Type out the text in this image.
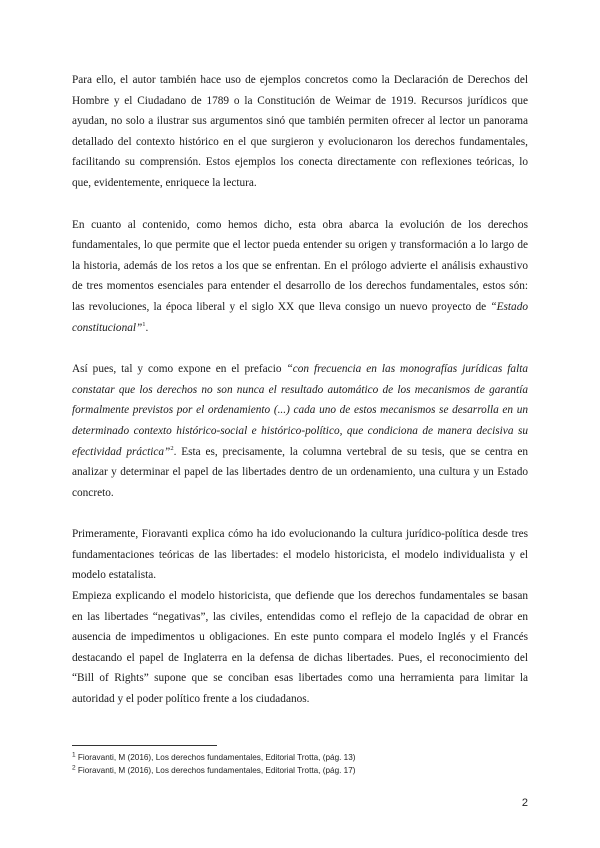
Para ello, el autor también hace uso de ejemplos concretos como la Declaración de Derechos del Hombre y el Ciudadano de 1789 o la Constitución de Weimar de 1919. Recursos jurídicos que ayudan, no solo a ilustrar sus argumentos sinó que también permiten ofrecer al lector un panorama detallado del contexto histórico en el que surgieron y evolucionaron los derechos fundamentales, facilitando su comprensión. Estos ejemplos los conecta directamente con reflexiones teóricas, lo que, evidentemente, enriquece la lectura.

En cuanto al contenido, como hemos dicho, esta obra abarca la evolución de los derechos fundamentales, lo que permite que el lector pueda entender su origen y transformación a lo largo de la historia, además de los retos a los que se enfrentan. En el prólogo advierte el análisis exhaustivo de tres momentos esenciales para entender el desarrollo de los derechos fundamentales, estos són: las revoluciones, la época liberal y el siglo XX que lleva consigo un nuevo proyecto de “Estado constitucional”$^1$.

Así pues, tal y como expone en el prefacio “con frecuencia en las monografías jurídicas falta constatar que los derechos no son nunca el resultado automático de los mecanismos de garantía formalmente previstos por el ordenamiento (...) cada uno de estos mecanismos se desarrolla en un determinado contexto histórico-social e histórico-político, que condiciona de manera decisiva su efectividad práctica”$^2$. Esta es, precisamente, la columna vertebral de su tesis, que se centra en analizar y determinar el papel de las libertades dentro de un ordenamiento, una cultura y un Estado concreto.

Primeramente, Fioravanti explica cómo ha ido evolucionando la cultura jurídico-política desde tres fundamentaciones teóricas de las libertades: el modelo historicista, el modelo individualista y el modelo estatalista.

Empieza explicando el modelo historicista, que defiende que los derechos fundamentales se basan en las libertades “negativas”, las civiles, entendidas como el reflejo de la capacidad de obrar en ausencia de impedimentos u obligaciones. En este punto compara el modelo Inglés y el Francés destacando el papel de Inglaterra en la defensa de dichas libertades. Pues, el reconocimiento del “Bill of Rights” supone que se conciban esas libertades como una herramienta para limitar la autoridad y el poder político frente a los ciudadanos.

$^1$ Fioravanti, M (2016), Los derechos fundamentales, Editorial Trotta, (pág. 13)
$^2$ Fioravanti, M (2016), Los derechos fundamentales, Editorial Trotta, (pág. 17)
2
